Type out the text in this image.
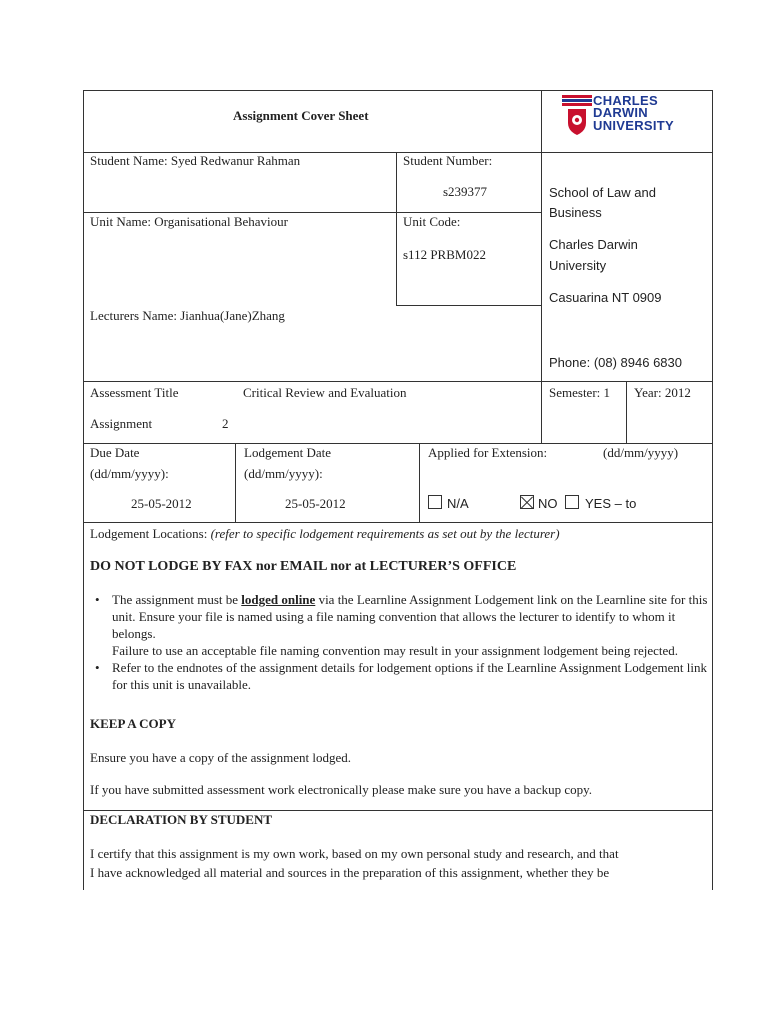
Assignment Cover Sheet
CHARLES
DARWIN
UNIVERSITY
Student Name: Syed Redwanur Rahman	Student Number:
s239377
Unit Name: Organisational Behaviour	Unit Code:
s112 PRBM022
Lecturers Name: Jianhua(Jane)Zhang
School of Law and
Business
Charles Darwin
University
Casuarina NT 0909
Phone: (08) 8946 6830
Assessment Title	Critical Review and Evaluation
Assignment	2
Semester: 1 Year: 2012
Due Date
(dd/mm/yyyy):
25-05-2012
Lodgement Date
(dd/mm/yyyy):
25-05-2012
Applied for Extension:	(dd/mm/yyyy)
N/A	NO YES – to
Lodgement Locations: (refer to specific lodgement requirements as set out by the lecturer)
DO NOT LODGE BY FAX nor EMAIL nor at LECTURER’S OFFICE
• The assignment must be lodged online via the Learnline Assignment Lodgement link on the Learnline site for this unit. Ensure your file is named using a file naming convention that allows the lecturer to identify to whom it belongs.
Failure to use an acceptable file naming convention may result in your assignment lodgement being rejected.
• Refer to the endnotes of the assignment details for lodgement options if the Learnline Assignment Lodgement link for this unit is unavailable.
KEEP A COPY
Ensure you have a copy of the assignment lodged.
If you have submitted assessment work electronically please make sure you have a backup copy.
DECLARATION BY STUDENT
I certify that this assignment is my own work, based on my own personal study and research, and that
I have acknowledged all material and sources in the preparation of this assignment, whether they be
